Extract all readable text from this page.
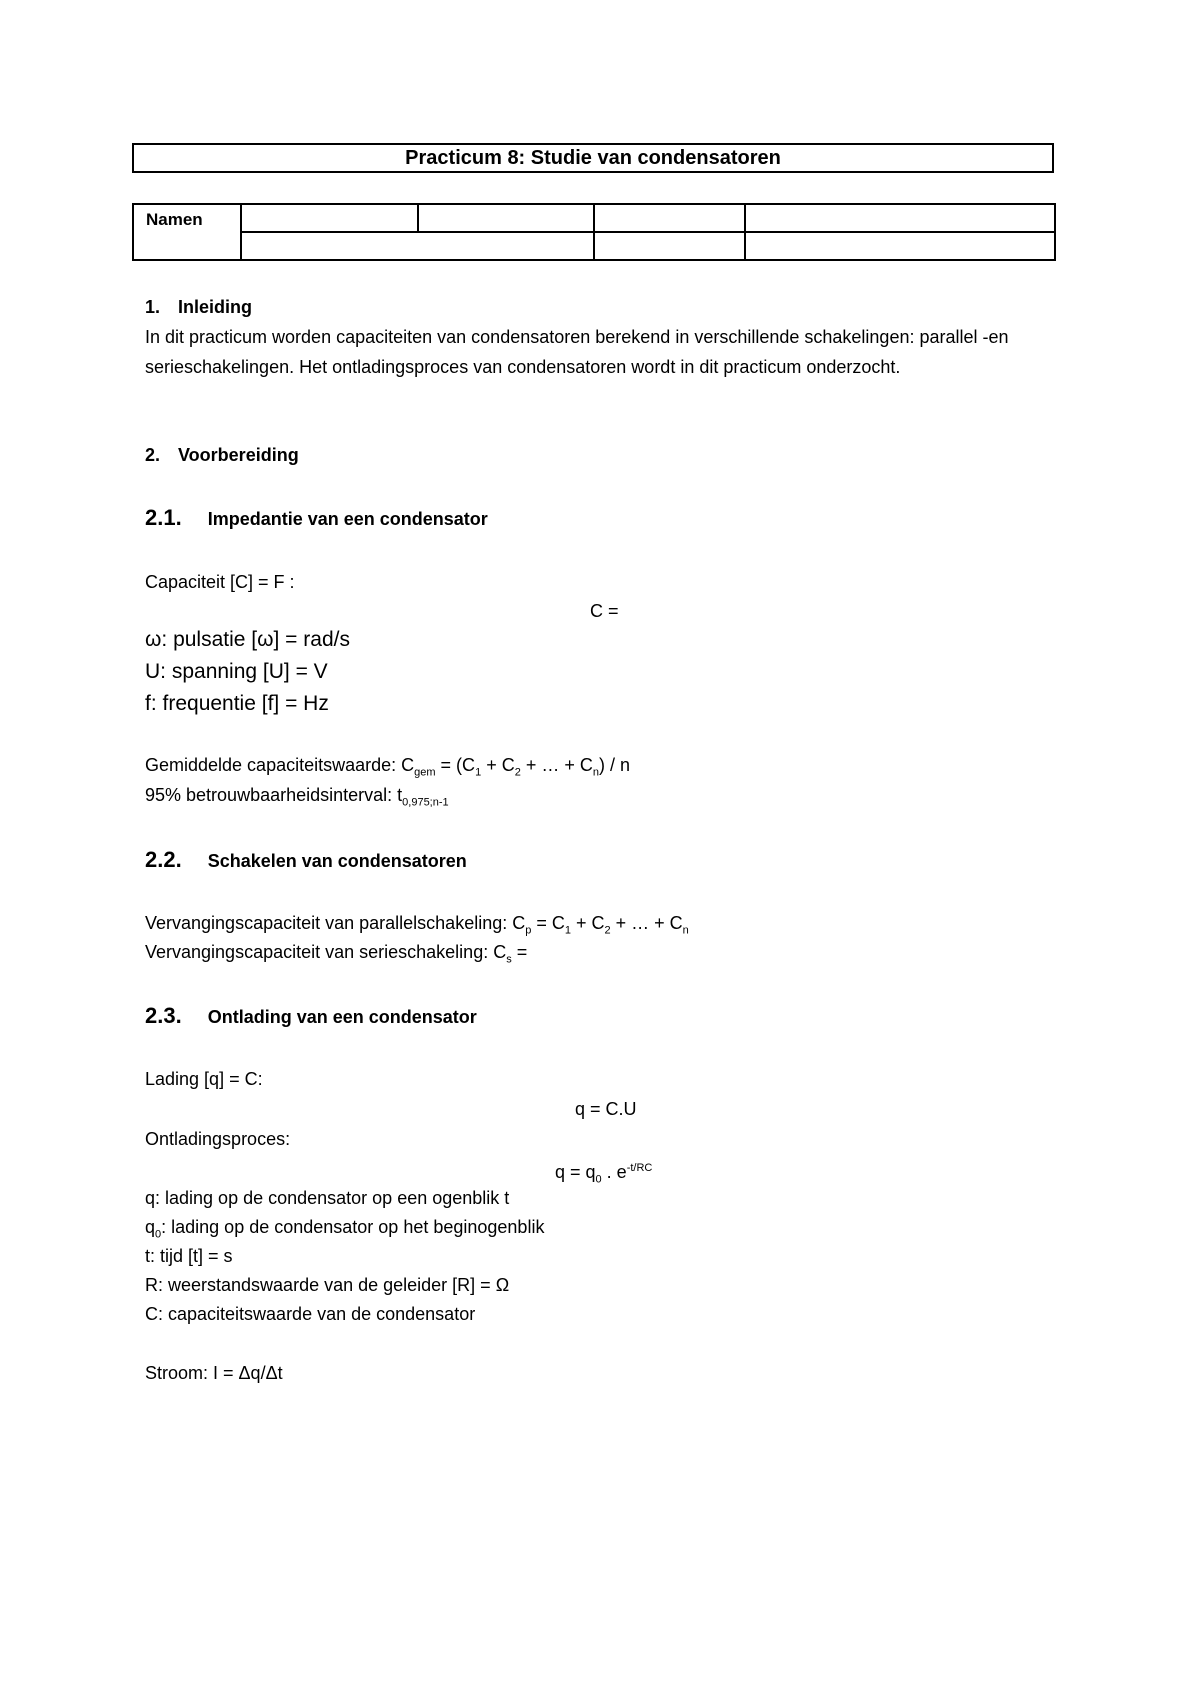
Practicum 8: Studie van condensatoren
Namen				

1. Inleiding
In dit practicum worden capaciteiten van condensatoren berekend in verschillende schakelingen: parallel -en serieschakelingen. Het ontladingsproces van condensatoren wordt in dit practicum onderzocht.
2. Voorbereiding
2.1. Impedantie van een condensator
Capaciteit [C] = F :
C =
ω: pulsatie [ω] = rad/s
U: spanning [U] = V
f: frequentie [f] = Hz
Gemiddelde capaciteitswaarde: $C_{gem} = (C_1 + C_2$ + … + $C_n$) / n
95% betrouwbaarheidsinterval: $t_{0,975;n-1}$
2.2. Schakelen van condensatoren
Vervangingscapaciteit van parallelschakeling: $C_p = C_1 + C_2$ + … + $C_n$
Vervangingscapaciteit van serieschakeling: $C_s$ =
2.3. Ontlading van een condensator
Lading [q] = C:
q = C.U
Ontladingsproces:
$q = q_0$ . $e^{-t/RC}$
q: lading op de condensator op een ogenblik t
$q_0$: lading op de condensator op het beginogenblik
t: tijd [t] = s
R: weerstandswaarde van de geleider [R] = Ω
C: capaciteitswaarde van de condensator
Stroom: I = Δq/Δt
